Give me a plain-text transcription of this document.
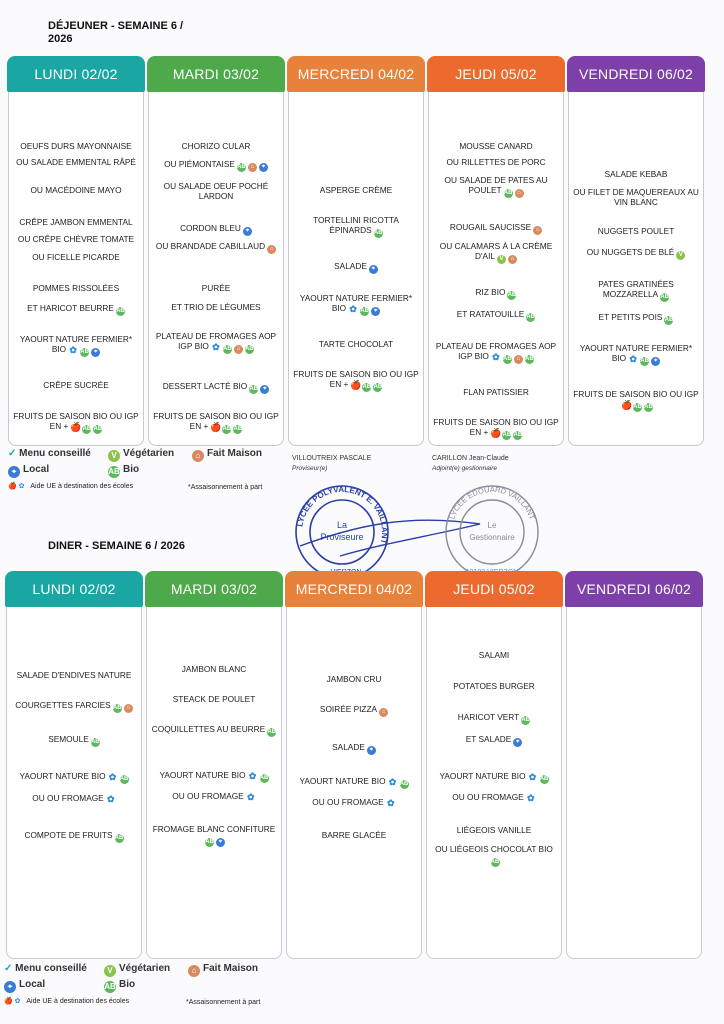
DÉJEUNER - SEMAINE 6 / 2026
LUNDI 02/02
OEUFS DURS MAYONNAISE
OU SALADE EMMENTAL RÂPÉ
OU MACÉDOINE MAYO
CRÊPE JAMBON EMMENTAL
OU CRÊPE CHÈVRE TOMATE
OU FICELLE PICARDE
POMMES RISSOLÉES
ET HARICOT BEURRE AB
YAOURT NATURE FERMIER* BIO ✿ AB ⌖
CRÊPE SUCRÉE
FRUITS DE SAISON BIO OU IGP EN + 🍎AB AB
MARDI 03/02
CHORIZO CULAR
OU PIÉMONTAISE AB ⌂ ⌖
OU SALADE OEUF POCHÉ LARDON
CORDON BLEU ⌖
OU BRANDADE CABILLAUD ⌂
PURÉE
ET TRIO DE LÉGUMES
PLATEAU DE FROMAGES AOP IGP BIO ✿ AB ⌂ AB
DESSERT LACTÉ BIO AB ⌖
FRUITS DE SAISON BIO OU IGP EN + 🍎AB AB
MERCREDI 04/02
ASPERGE CRÈME
TORTELLINI RICOTTA ÉPINARDS AB
SALADE ⌖
YAOURT NATURE FERMIER* BIO ✿ AB ⌖
TARTE CHOCOLAT
FRUITS DE SAISON BIO OU IGP EN + 🍎AB AB
JEUDI 05/02
MOUSSE CANARD
OU RILLETTES DE PORC
OU SALADE DE PATES AU POULET AB ⌂
ROUGAIL SAUCISSE ⌂
OU CALAMARS À LA CRÈME D'AIL V ⌂
RIZ BIO AB
ET RATATOUILLE AB
PLATEAU DE FROMAGES AOP IGP BIO ✿ AB ⌂ AB
FLAN PATISSIER
FRUITS DE SAISON BIO OU IGP EN + 🍎AB AB
VENDREDI 06/02
SALADE KEBAB
OU FILET DE MAQUEREAUX AU VIN BLANC
NUGGETS POULET
OU NUGGETS DE BLÉ V
PATES GRATINÉES MOZZARELLA AB
ET PETITS POIS AB
YAOURT NATURE FERMIER* BIO ✿ AB ⌖
FRUITS DE SAISON BIO OU IGP🍎AB AB
✓ Menu conseillé	V Végétarien	⌂ Fait Maison
⌖ Local	AB Bio
🍎 ✿ Aide UE à destination des écoles	*Assaisonnement à part
VILLOUTREIX PASCALE
Proviseur(e)
CARILLON Jean-Claude
Adjoint(e) gestionnaire
LYCÉE POLYVALENT E. VAILLANT
La
Proviseure
LYCÉE EDOUARD VAILLANT
Le
Gestionnaire
DINER - SEMAINE 6 / 2026
LUNDI 02/02
SALADE D'ENDIVES NATURE
COURGETTES FARCIES AB ⌂
SEMOULE AB
YAOURT NATURE BIO ✿ AB
OU OU FROMAGE ✿
COMPOTE DE FRUITS AB
MARDI 03/02
JAMBON BLANC
STEACK DE POULET
COQUILLETTES AU BEURRE AB
YAOURT NATURE BIO ✿ AB
OU OU FROMAGE ✿
FROMAGE BLANC CONFITUREAB ⌖
MERCREDI 04/02
JAMBON CRU
SOIRÉE PIZZA ⌂
SALADE ⌖
YAOURT NATURE BIO ✿ AB
OU OU FROMAGE ✿
BARRE GLACÉE
JEUDI 05/02
SALAMI
POTATOES BURGER
HARICOT VERT AB
ET SALADE ⌖
YAOURT NATURE BIO ✿ AB
OU OU FROMAGE ✿
LIÉGEOIS VANILLE
OU LIÉGEOIS CHOCOLAT BIOAB
VENDREDI 06/02
✓ Menu conseillé	V Végétarien	⌂ Fait Maison
⌖ Local	AB Bio
🍎 ✿ Aide UE à destination des écoles	*Assaisonnement à part
